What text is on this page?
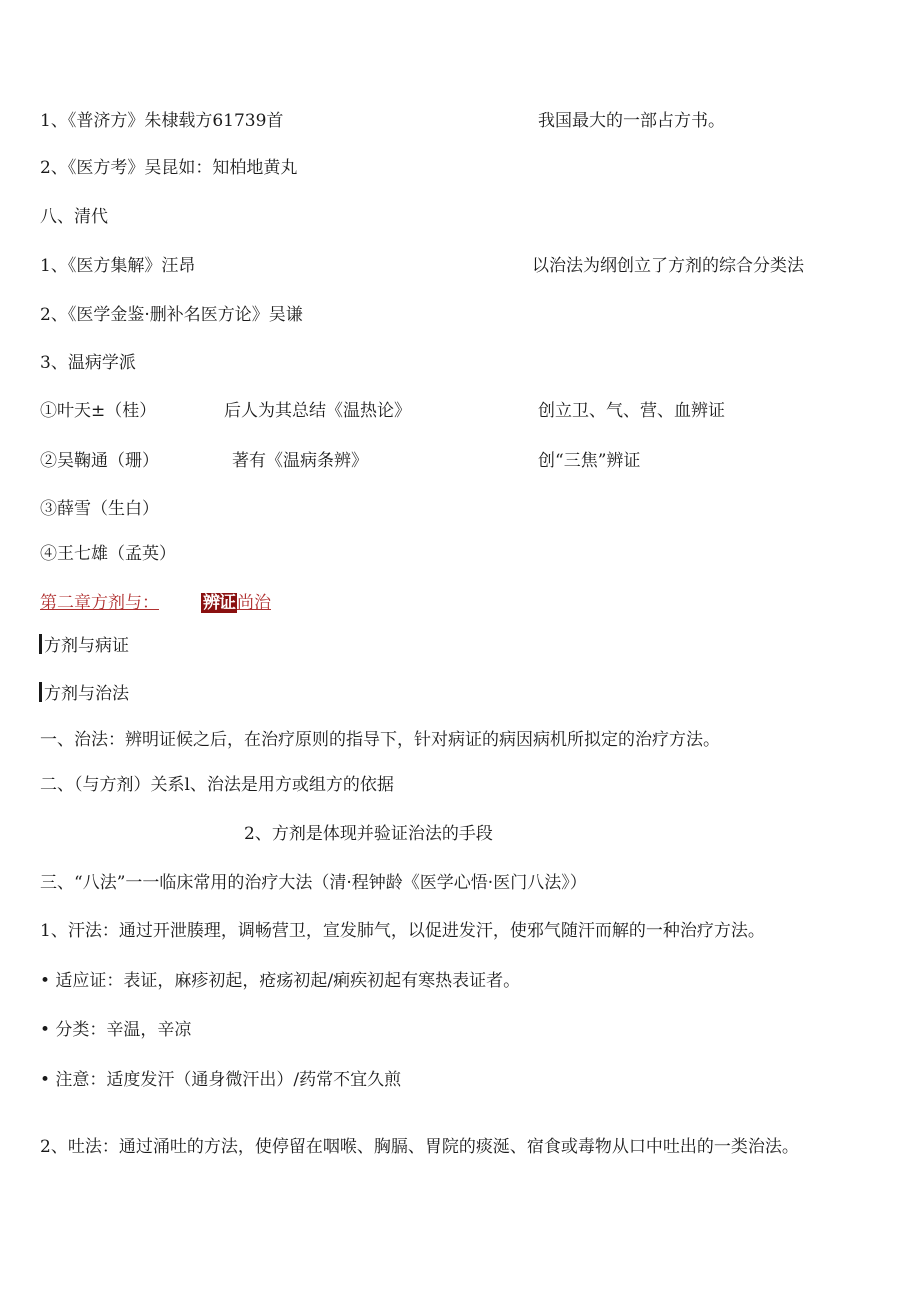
1、《普济方》朱棣载方61739首	我国最大的一部占方书。
2、《医方考》吴昆如：知柏地黄丸
八、清代
1、《医方集解》汪昂	以治法为纲创立了方剂的综合分类法
2、《医学金鉴·删补名医方论》吴谦
3、温病学派
①叶天±（桂）	后人为其总结《温热论》	创立卫、气、营、血辨证
②吴鞠通（珊）	著有《温病条辨》	创“三焦”辨证
③薛雪（生白）
④王七雄（孟英）
第二章方剂与：	辨证 尚治
方剂与病证
方剂与治法
一、治法：辨明证候之后，在治疗原则的指导下，针对病证的病因病机所拟定的治疗方法。
二、（与方剂）关系l、治法是用方或组方的依据
2、方剂是体现并验证治法的手段
三、“八法”一一临床常用的治疗大法（清·程钟龄《医学心悟·医门八法》）
1、汗法：通过开泄腠理，调畅营卫，宣发肺气，以促进发汗，使邪气随汗而解的一种治疗方法。
• 适应证：表证，麻疹初起，疮疡初起/痢疾初起有寒热表证者。
• 分类：辛温，辛凉
• 注意：适度发汗（通身微汗出）/药常不宜久煎
2、吐法：通过涌吐的方法，使停留在咽喉、胸膈、胃院的痰涎、宿食或毒物从口中吐出的一类治法。
